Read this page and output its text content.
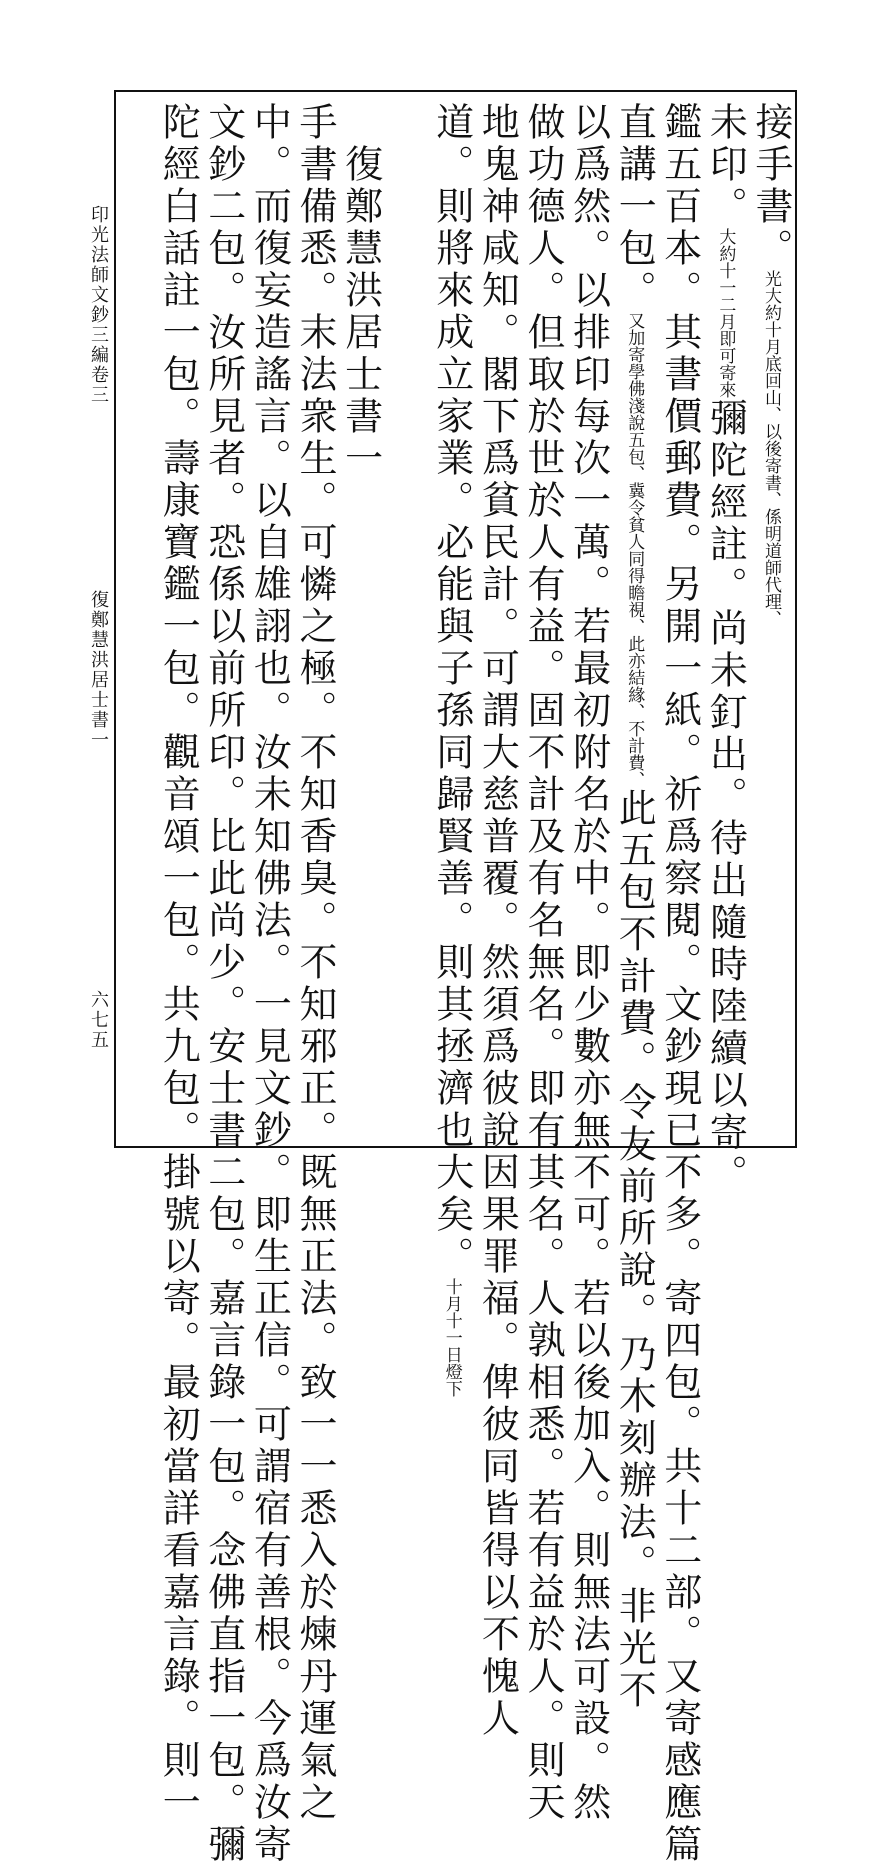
印光法師文鈔三編卷三
復鄭慧洪居士書一
六七五
接手書。光大約十月底回山、以後寄書、係明道師代理、
未印。大約十一二月即可寄來彌陀經註。尚未釘出。待出隨時陸續以寄。
鑑五百本。其書價郵費。另開一紙。祈爲察閱。文鈔現已不多。寄四包。共十二部。又寄感應篇
直講一包。又加寄學佛淺說五包、冀令貧人同得瞻視、此亦結緣、不計費、此五包不計費。令友前所說。乃木刻辦法。非光不
以爲然。以排印每次一萬。若最初附名於中。即少數亦無不可。若以後加入。則無法可設。然
做功德人。但取於世於人有益。固不計及有名無名。即有其名。人孰相悉。若有益於人。則天
地鬼神咸知。閣下爲貧民計。可謂大慈普覆。然須爲彼說因果罪福。俾彼同皆得以不愧人
道。則將來成立家業。必能與子孫同歸賢善。則其拯濟也大矣。十月十一日燈下
　復鄭慧洪居士書一
手書備悉。末法衆生。可憐之極。不知香臭。不知邪正。既無正法。致一一悉入於煉丹運氣之
中。而復妄造謠言。以自雄詡也。汝未知佛法。一見文鈔。即生正信。可謂宿有善根。今爲汝寄
文鈔二包。汝所見者。恐係以前所印。比此尚少。安士書二包。嘉言錄一包。念佛直指一包。彌
陀經白話註一包。壽康寶鑑一包。觀音頌一包。共九包。掛號以寄。最初當詳看嘉言錄。則一
